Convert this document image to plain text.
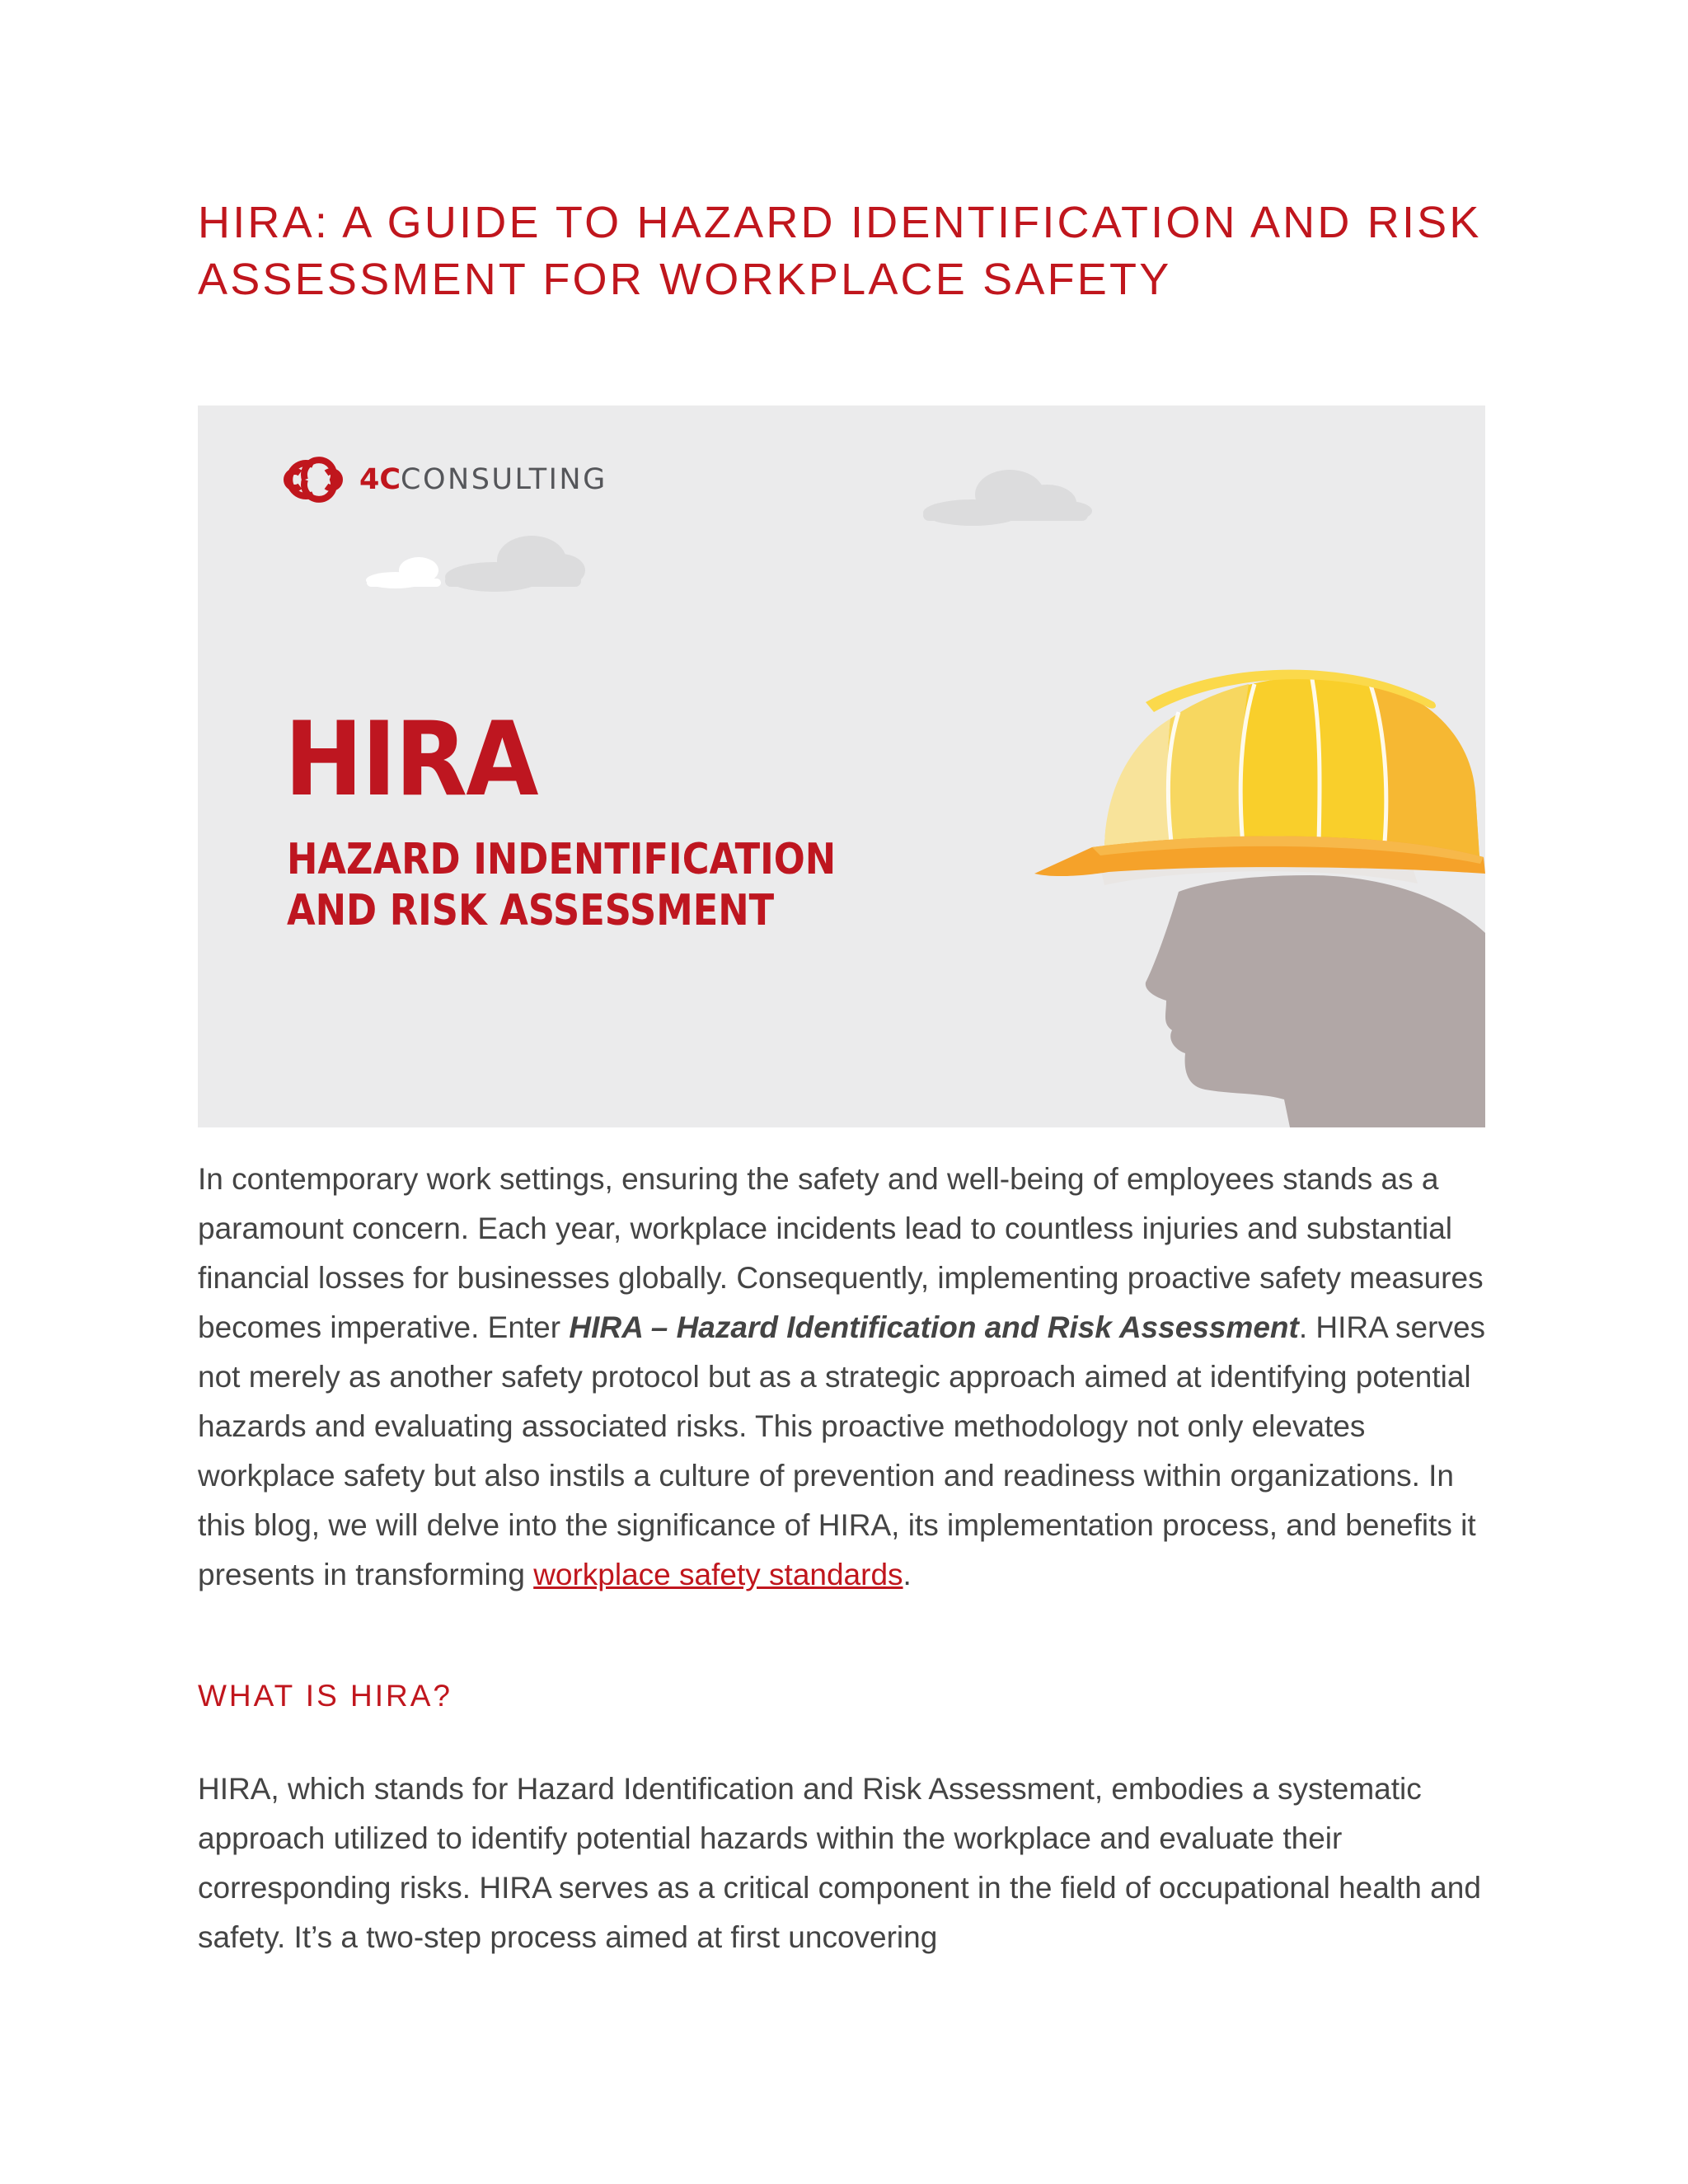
HIRA: A GUIDE TO HAZARD IDENTIFICATION AND RISK ASSESSMENT FOR WORKPLACE SAFETY
4CCONSULTING
HIRA
HAZARD INDENTIFICATION
AND RISK ASSESSMENT

In contemporary work settings, ensuring the safety and well-being of employees stands as a paramount concern. Each year, workplace incidents lead to countless injuries and substantial financial losses for businesses globally. Consequently, implementing proactive safety measures becomes imperative. Enter HIRA – Hazard Identification and Risk Assessment. HIRA serves not merely as another safety protocol but as a strategic approach aimed at identifying potential hazards and evaluating associated risks. This proactive methodology not only elevates workplace safety but also instils a culture of prevention and readiness within organizations. In this blog, we will delve into the significance of HIRA, its implementation process, and benefits it presents in transforming workplace safety standards.

WHAT IS HIRA?

HIRA, which stands for Hazard Identification and Risk Assessment, embodies a systematic approach utilized to identify potential hazards within the workplace and evaluate their corresponding risks. HIRA serves as a critical component in the field of occupational health and safety. It’s a two-step process aimed at first uncovering
